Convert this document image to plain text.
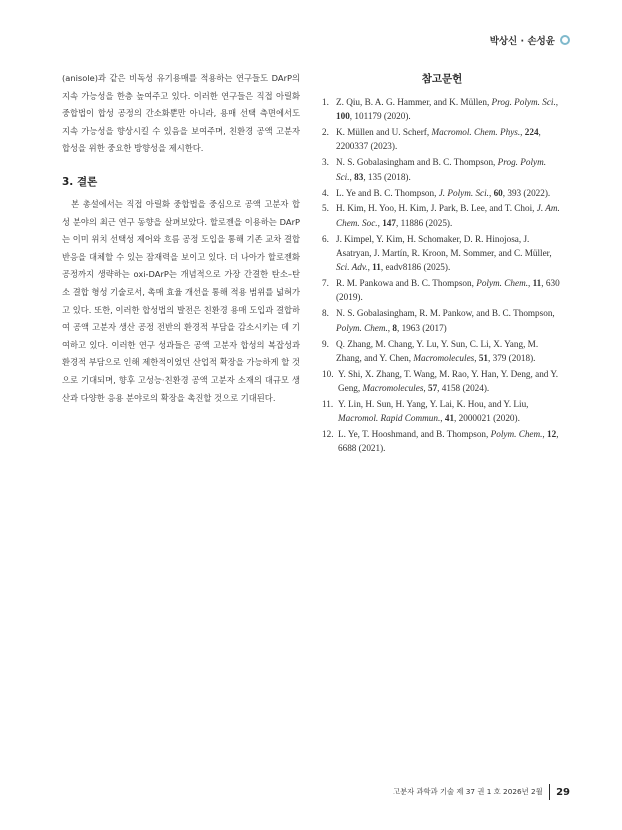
박상신 · 손성윤

(anisole)과 같은 비독성 유기용매를 적용하는 연구들도 DArP의 지속 가능성을 한층 높여주고 있다. 이러한 연구들은 직접 아릴화 중합법이 합성 공정의 간소화뿐만 아니라, 용매 선택 측면에서도 지속 가능성을 향상시킬 수 있음을 보여주며, 친환경 공액 고분자 합성을 위한 중요한 방향성을 제시한다.

3. 결론

본 총설에서는 직접 아릴화 중합법을 중심으로 공액 고분자 합성 분야의 최근 연구 동향을 살펴보았다. 할로젠을 이용하는 DArP는 이미 위치 선택성 제어와 흐름 공정 도입을 통해 기존 교차 결합 반응을 대체할 수 있는 잠재력을 보이고 있다. 더 나아가 할로젠화 공정까지 생략하는 oxi-DArP는 개념적으로 가장 간결한 탄소–탄소 결합 형성 기술로서, 촉매 효율 개선을 통해 적용 범위를 넓혀가고 있다. 또한, 이러한 합성법의 발전은 친환경 용매 도입과 결합하여 공액 고분자 생산 공정 전반의 환경적 부담을 감소시키는 데 기여하고 있다. 이러한 연구 성과들은 공액 고분자 합성의 복잡성과 환경적 부담으로 인해 제한적이었던 산업적 확장을 가능하게 할 것으로 기대되며, 향후 고성능·친환경 공액 고분자 소재의 대규모 생산과 다양한 응용 분야로의 확장을 촉진할 것으로 기대된다.

참고문헌
1. Z. Qiu, B. A. G. Hammer, and K. Müllen, Prog. Polym. Sci., 100, 101179 (2020).
2. K. Müllen and U. Scherf, Macromol. Chem. Phys., 224, 2200337 (2023).
3. N. S. Gobalasingham and B. C. Thompson, Prog. Polym. Sci., 83, 135 (2018).
4. L. Ye and B. C. Thompson, J. Polym. Sci., 60, 393 (2022).
5. H. Kim, H. Yoo, H. Kim, J. Park, B. Lee, and T. Choi, J. Am. Chem. Soc., 147, 11886 (2025).
6. J. Kimpel, Y. Kim, H. Schomaker, D. R. Hinojosa, J. Asatryan, J. Martín, R. Kroon, M. Sommer, and C. Müller, Sci. Adv., 11, eadv8186 (2025).
7. R. M. Pankowa and B. C. Thompson, Polym. Chem., 11, 630 (2019).
8. N. S. Gobalasingham, R. M. Pankow, and B. C. Thompson, Polym. Chem., 8, 1963 (2017)
9. Q. Zhang, M. Chang, Y. Lu, Y. Sun, C. Li, X. Yang, M. Zhang, and Y. Chen, Macromolecules, 51, 379 (2018).
10. Y. Shi, X. Zhang, T. Wang, M. Rao, Y. Han, Y. Deng, and Y. Geng, Macromolecules, 57, 4158 (2024).
11. Y. Lin, H. Sun, H. Yang, Y. Lai, K. Hou, and Y. Liu, Macromol. Rapid Commun., 41, 2000021 (2020).
12. L. Ye, T. Hooshmand, and B. Thompson, Polym. Chem., 12, 6688 (2021).
고분자 과학과 기술 제 37 권 1 호 2026년 2월 29
